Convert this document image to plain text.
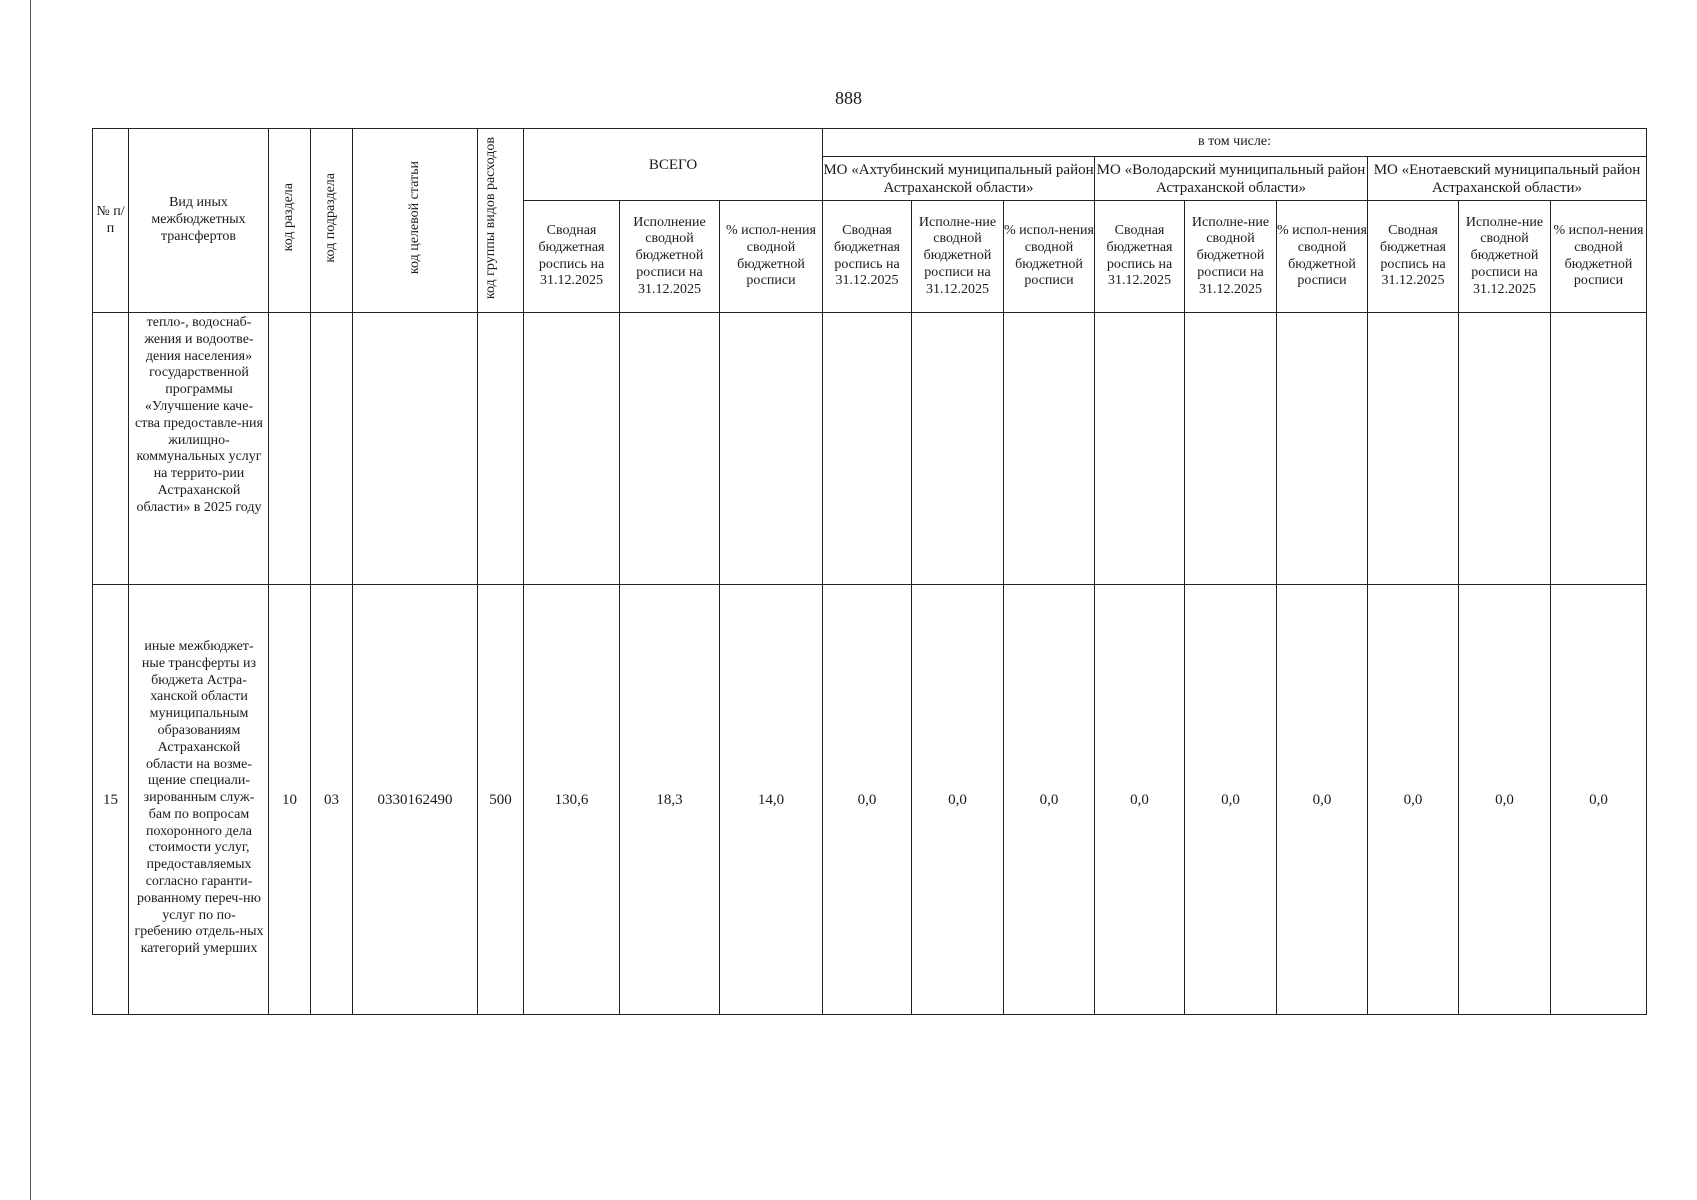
888
№ п/п	Вид иных межбюджетных трансфертов	код раздела	код подраздела	код целевой статьи	код группы видов расходов	ВСЕГО			в том числе:								
									МО «Ахтубинский муниципальный район Астраханской области»			МО «Володарский муниципальный район Астраханской области»			МО «Енотаевский муниципальный район Астраханской области»		
						Сводная бюджетная роспись на 31.12.2025	Исполнение сводной бюджетной росписи на 31.12.2025	% испол-нения сводной бюджетной росписи	Сводная бюджетная роспись на 31.12.2025	Исполне-ние сводной бюджетной росписи на 31.12.2025	% испол-нения сводной бюджетной росписи	Сводная бюджетная роспись на 31.12.2025	Исполне-ние сводной бюджетной росписи на 31.12.2025	% испол-нения сводной бюджетной росписи	Сводная бюджетная роспись на 31.12.2025	Исполне-ние сводной бюджетной росписи на 31.12.2025	% испол-нения сводной бюджетной росписи
	тепло-, водоснаб-жения и водоотве-дения населения» государственной программы «Улучшение каче-ства предоставле-ния жилищно-коммунальных услуг на террито-рии Астраханской области» в 2025 году																
15	иные межбюджет-ные трансферты из бюджета Астра-ханской области муниципальным образованиям Астраханской области на возме-щение специали-зированным служ-бам по вопросам похоронного дела стоимости услуг, предоставляемых согласно гаранти-рованному переч-ню услуг по по-гребению отдель-ных категорий умерших	10	03	0330162490	500	130,6	18,3	14,0	0,0	0,0	0,0	0,0	0,0	0,0	0,0	0,0	0,0
